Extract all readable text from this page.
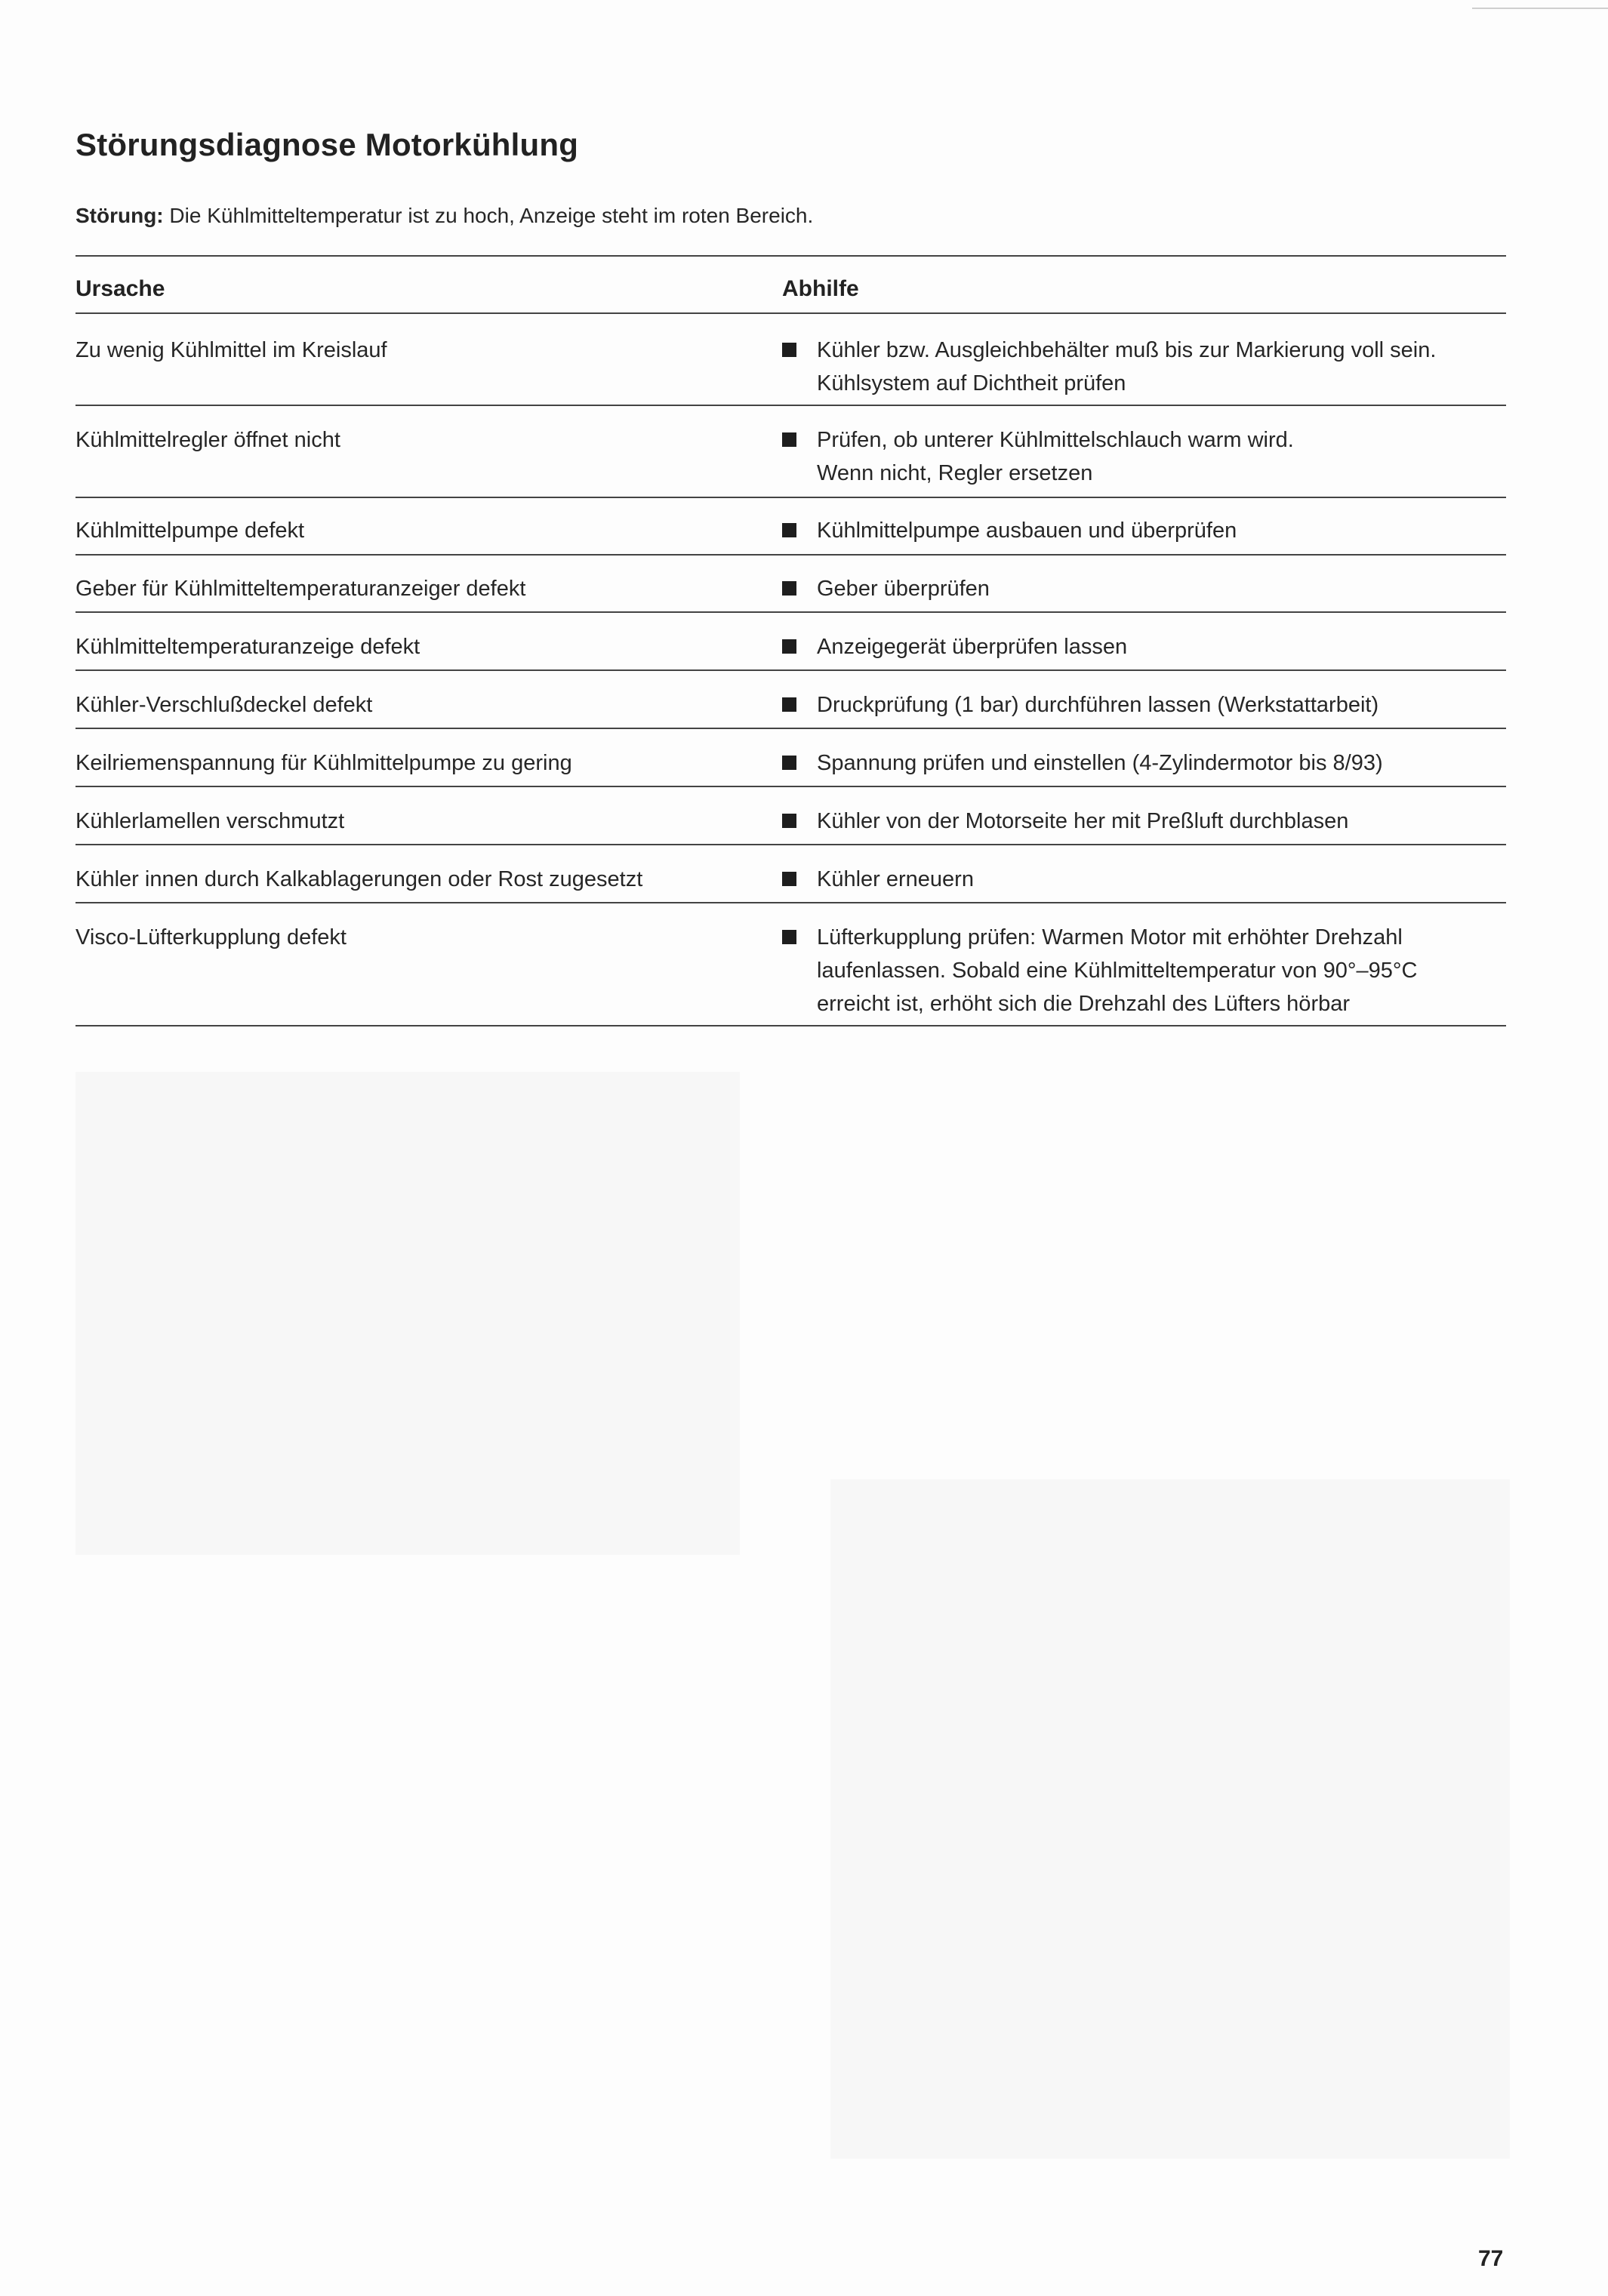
Störungsdiagnose Motorkühlung
Störung: Die Kühlmitteltemperatur ist zu hoch, Anzeige steht im roten Bereich.
Ursache	Abhilfe
Zu wenig Kühlmittel im Kreislauf	Kühler bzw. Ausgleichbehälter muß bis zur Markierung voll sein.
Kühlsystem auf Dichtheit prüfen
Kühlmittelregler öffnet nicht	Prüfen, ob unterer Kühlmittelschlauch warm wird.
Wenn nicht, Regler ersetzen
Kühlmittelpumpe defekt	Kühlmittelpumpe ausbauen und überprüfen
Geber für Kühlmitteltemperaturanzeiger defekt	Geber überprüfen
Kühlmitteltemperaturanzeige defekt	Anzeigegerät überprüfen lassen
Kühler-Verschlußdeckel defekt	Druckprüfung (1 bar) durchführen lassen (Werkstattarbeit)
Keilriemenspannung für Kühlmittelpumpe zu gering	Spannung prüfen und einstellen (4-Zylindermotor bis 8/93)
Kühlerlamellen verschmutzt	Kühler von der Motorseite her mit Preßluft durchblasen
Kühler innen durch Kalkablagerungen oder Rost zugesetzt	Kühler erneuern
Visco-Lüfterkupplung defekt	Lüfterkupplung prüfen: Warmen Motor mit erhöhter Drehzahl
laufenlassen. Sobald eine Kühlmitteltemperatur von 90°–95°C
erreicht ist, erhöht sich die Drehzahl des Lüfters hörbar
77
